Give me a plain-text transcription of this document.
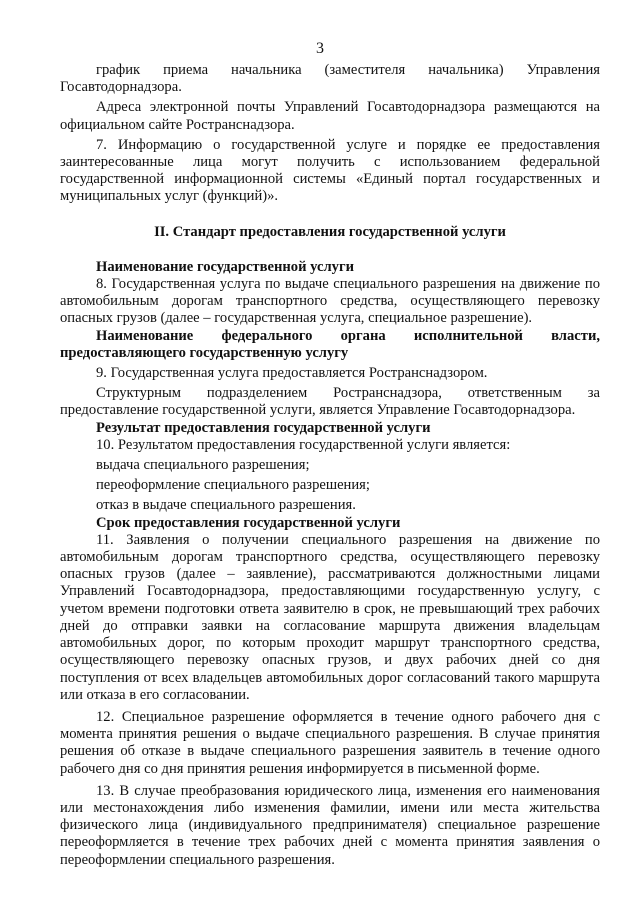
3

график приема начальника (заместителя начальника) Управления Госавтодорнадзора.

Адреса электронной почты Управлений Госавтодорнадзора размещаются на официальном сайте Ространснадзора.

7. Информацию о государственной услуге и порядке ее предоставления заинтересованные лица могут получить с использованием федеральной государственной информационной системы «Единый портал государственных и муниципальных услуг (функций)».

II. Стандарт предоставления государственной услуги

Наименование государственной услуги

8. Государственная услуга по выдаче специального разрешения на движение по автомобильным дорогам транспортного средства, осуществляющего перевозку опасных грузов (далее – государственная услуга, специальное разрешение).

Наименование федерального органа исполнительной власти, предоставляющего государственную услугу

9. Государственная услуга предоставляется Ространснадзором.

Структурным подразделением Ространснадзора, ответственным за предоставление государственной услуги, является Управление Госавтодорнадзора.

Результат предоставления государственной услуги

10. Результатом предоставления государственной услуги является:

выдача специального разрешения;

переоформление специального разрешения;

отказ в выдаче специального разрешения.

Срок предоставления государственной услуги

11. Заявления о получении специального разрешения на движение по автомобильным дорогам транспортного средства, осуществляющего перевозку опасных грузов (далее – заявление), рассматриваются должностными лицами Управлений Госавтодорнадзора, предоставляющими государственную услугу, с учетом времени подготовки ответа заявителю в срок, не превышающий трех рабочих дней до отправки заявки на согласование маршрута движения владельцам автомобильных дорог, по которым проходит маршрут транспортного средства, осуществляющего перевозку опасных грузов, и двух рабочих дней со дня поступления от всех владельцев автомобильных дорог согласований такого маршрута или отказа в его согласовании.

12. Специальное разрешение оформляется в течение одного рабочего дня с момента принятия решения о выдаче специального разрешения. В случае принятия решения об отказе в выдаче специального разрешения заявитель в течение одного рабочего дня со дня принятия решения информируется в письменной форме.

13. В случае преобразования юридического лица, изменения его наименования или местонахождения либо изменения фамилии, имени или места жительства физического лица (индивидуального предпринимателя) специальное разрешение переоформляется в течение трех рабочих дней с момента принятия заявления о переоформлении специального разрешения.
